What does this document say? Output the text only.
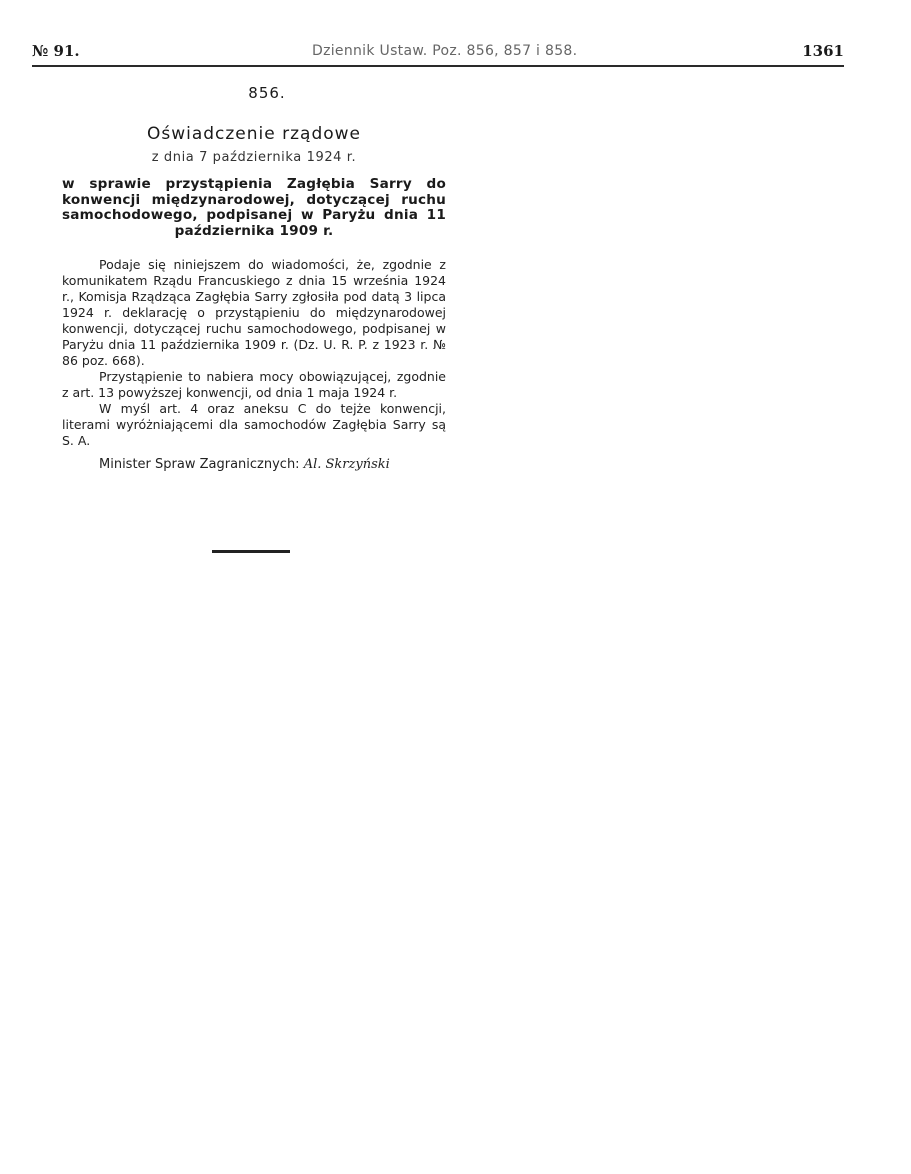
№ 91.	Dziennik Ustaw. Poz. 856, 857 i 858.	1361
856.
Oświadczenie rządowe
z dnia 7 października 1924 r.
w sprawie przystąpienia Zagłębia Sarry do konwencji międzynarodowej, dotyczącej ruchu samochodowego, podpisanej w Paryżu dnia 11 października 1909 r.

Podaje się niniejszem do wiadomości, że, zgodnie z komunikatem Rządu Francuskiego z dnia 15 września 1924 r., Komisja Rządząca Zagłębia Sarry zgłosiła pod datą 3 lipca 1924 r. deklarację o przystąpieniu do międzynarodowej konwencji, dotyczącej ruchu samochodowego, podpisanej w Paryżu dnia 11 października 1909 r. (Dz. U. R. P. z 1923 r. № 86 poz. 668).

Przystąpienie to nabiera mocy obowiązującej, zgodnie z art. 13 powyższej konwencji, od dnia 1 maja 1924 r.

W myśl art. 4 oraz aneksu C do tejże konwencji, literami wyróżniającemi dla samochodów Zagłębia Sarry są S. A.

Minister Spraw Zagranicznych: Al. Skrzyński
